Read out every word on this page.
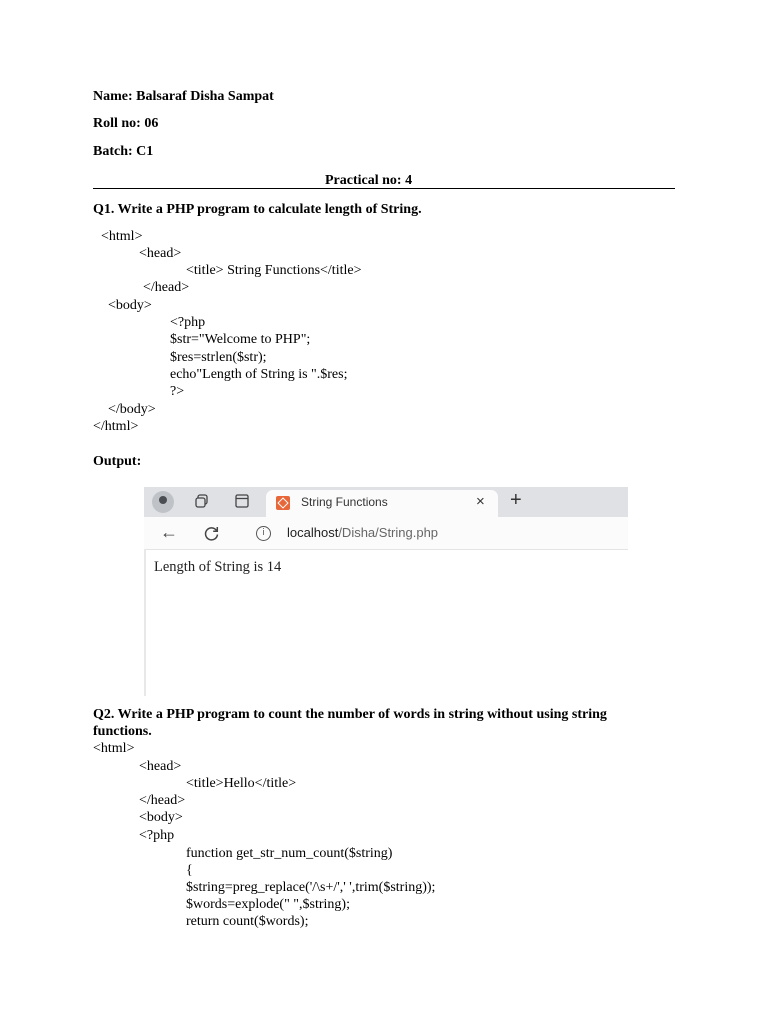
Name: Balsaraf Disha Sampat
Roll no: 06
Batch: C1
Practical no: 4
Q1. Write a PHP program to calculate length of String.
<html>
<head>
<title> String Functions</title>
</head>
<body>
<?php
$str="Welcome to PHP";
$res=strlen($str);
echo"Length of String is ".$res;
?>
</body>
</html>
Output:
String Functions	× +
←	i	localhost/Disha/String.php
Length of String is 14
Q2. Write a PHP program to count the number of words in string without using string
functions.
<html>
<head>
<title>Hello</title>
</head>
<body>
<?php
function get_str_num_count($string)
{
$string=preg_replace('/\s+/',' ',trim($string));
$words=explode(" ",$string);
return count($words);
